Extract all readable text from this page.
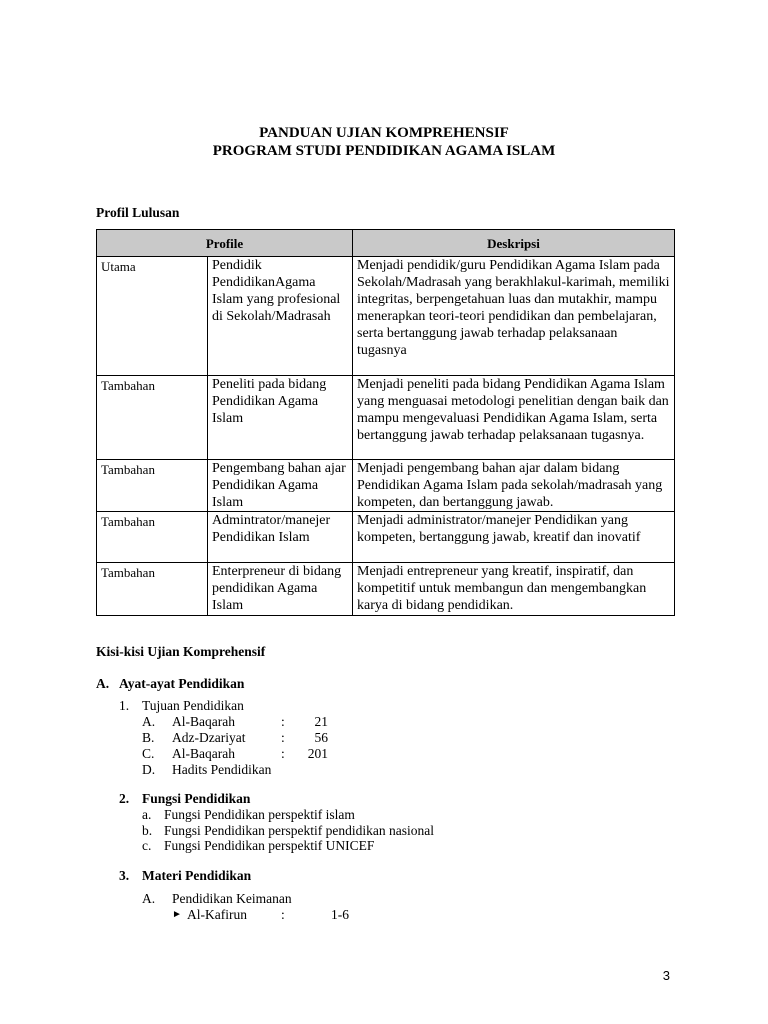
PANDUAN UJIAN KOMPREHENSIF
PROGRAM STUDI PENDIDIKAN AGAMA ISLAM
Profil Lulusan
Profile		Deskripsi
Utama	Pendidik PendidikanAgama Islam yang profesional di Sekolah/Madrasah	Menjadi pendidik/guru Pendidikan Agama Islam pada Sekolah/Madrasah yang berakhlakul-karimah, memiliki integritas, berpengetahuan luas dan mutakhir, mampu menerapkan teori-teori pendidikan dan pembelajaran, serta bertanggung jawab terhadap pelaksanaan tugasnya
Tambahan	Peneliti pada bidang Pendidikan Agama Islam	Menjadi peneliti pada bidang Pendidikan Agama Islam yang menguasai metodologi penelitian dengan baik dan mampu mengevaluasi Pendidikan Agama Islam, serta bertanggung jawab terhadap pelaksanaan tugasnya.
Tambahan	Pengembang bahan ajar Pendidikan Agama Islam	Menjadi pengembang bahan ajar dalam bidang Pendidikan Agama Islam pada sekolah/madrasah yang kompeten, dan bertanggung jawab.
Tambahan	Admintrator/manejer Pendidikan Islam	Menjadi administrator/manejer Pendidikan yang kompeten, bertanggung jawab, kreatif dan inovatif
Tambahan	Enterpreneur di bidang pendidikan Agama Islam	Menjadi entrepreneur yang kreatif, inspiratif, dan kompetitif untuk membangun dan mengembangkan karya di bidang pendidikan.
Kisi-kisi Ujian Komprehensif
A. Ayat-ayat Pendidikan
1. Tujuan Pendidikan
A. Al-Baqarah	:	21
B. Adz-Dzariyat	:	56
C. Al-Baqarah	:	201
D. Hadits Pendidikan
2. Fungsi Pendidikan
a. Fungsi Pendidikan perspektif islam
b. Fungsi Pendidikan perspektif pendidikan nasional
c. Fungsi Pendidikan perspektif UNICEF
3. Materi Pendidikan
A. Pendidikan Keimanan
► Al-Kafirun	:	1-6
3
